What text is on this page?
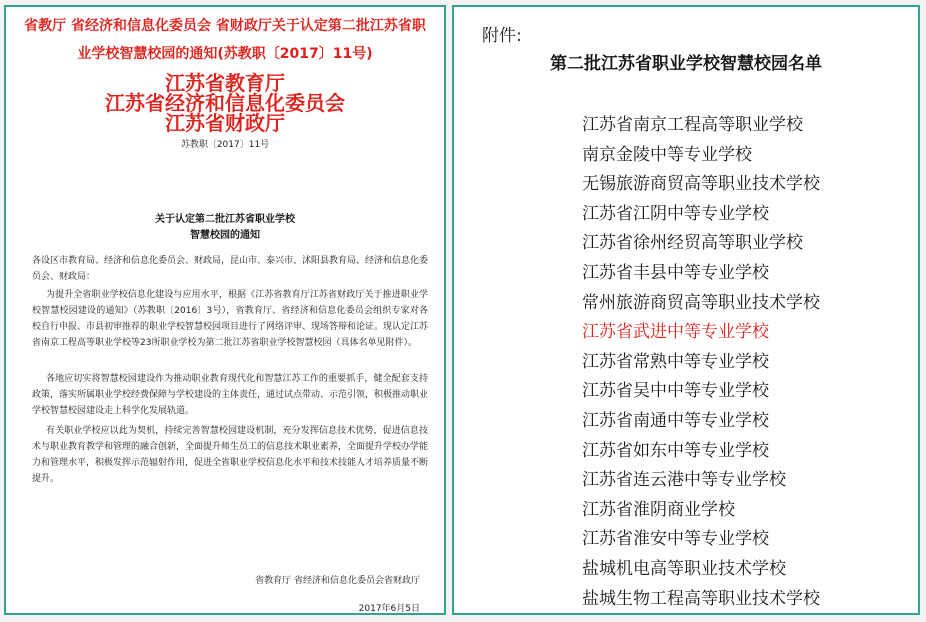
省教厅 省经济和信息化委员会 省财政厅关于认定第二批江苏省职
业学校智慧校园的通知(苏教职〔2017〕11号)
江苏省教育厅
江苏省经济和信息化委员会
江苏省财政厅
苏教职〔2017〕11号
关于认定第二批江苏省职业学校
智慧校园的通知
各设区市教育局、经济和信息化委员会、财政局，昆山市、泰兴市、沭阳县教育局、经济和信息化委员会、财政局：
为提升全省职业学校信息化建设与应用水平，根据《江苏省教育厅江苏省财政厅关于推进职业学校智慧校园建设的通知》（苏教职〔2016〕3号），省教育厅、省经济和信息化委员会组织专家对各校自行申报、市县初审推荐的职业学校智慧校园项目进行了网络评审、现场答辩和论证。现认定江苏省南京工程高等职业学校等23所职业学校为第二批江苏省职业学校智慧校园（具体名单见附件）。
各地应切实将智慧校园建设作为推动职业教育现代化和智慧江苏工作的重要抓手，健全配套支持政策，落实所属职业学校经费保障与学校建设的主体责任，通过试点带动、示范引领，积极推动职业学校智慧校园建设走上科学化发展轨道。
有关职业学校应以此为契机，持续完善智慧校园建设机制，充分发挥信息技术优势，促进信息技术与职业教育教学和管理的融合创新，全面提升师生员工的信息技术职业素养，全面提升学校办学能力和管理水平，积极发挥示范辐射作用，促进全省职业学校信息化水平和技术技能人才培养质量不断提升。
省教育厅 省经济和信息化委员会省财政厅
2017年6月5日
附件:
第二批江苏省职业学校智慧校园名单
江苏省南京工程高等职业学校
南京金陵中等专业学校
无锡旅游商贸高等职业技术学校
江苏省江阴中等专业学校
江苏省徐州经贸高等职业学校
江苏省丰县中等专业学校
常州旅游商贸高等职业技术学校
江苏省武进中等专业学校
江苏省常熟中等专业学校
江苏省吴中中等专业学校
江苏省南通中等专业学校
江苏省如东中等专业学校
江苏省连云港中等专业学校
江苏省淮阴商业学校
江苏省淮安中等专业学校
盐城机电高等职业技术学校
盐城生物工程高等职业技术学校
